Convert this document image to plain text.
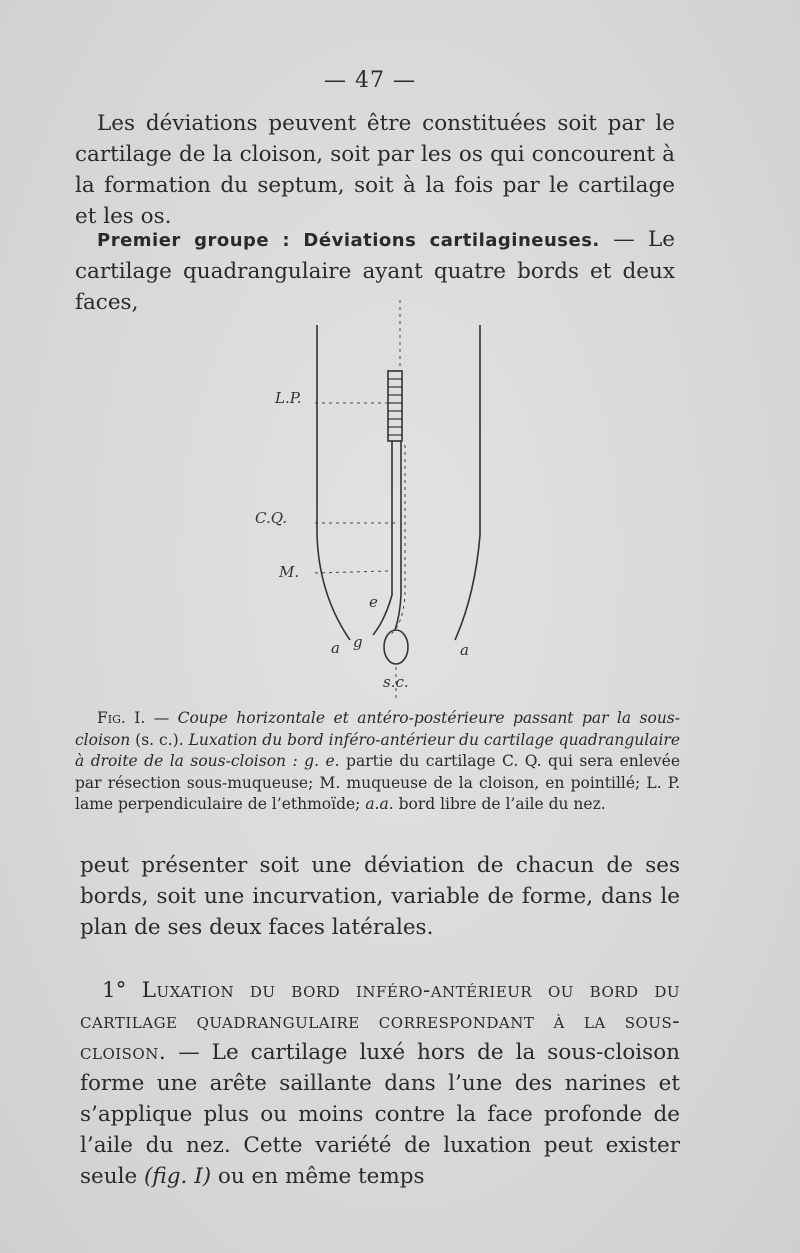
— 47 —
Les déviations peuvent être constituées soit par le cartilage de la cloison, soit par les os qui concourent à la formation du septum, soit à la fois par le cartilage et les os.
Premier groupe : Déviations cartilagineuses. — Le cartilage quadrangulaire ayant quatre bords et deux faces,
L.P.
C.Q.
M.
e
g
a	a
s.c.
Fig. I. — Coupe horizontale et antéro-postérieure passant par la sous-cloison (s. c.). Luxation du bord inféro-antérieur du cartilage quadrangulaire à droite de la sous-cloison : g. e. partie du cartilage C. Q. qui sera enlevée par résection sous-muqueuse; M. muqueuse de la cloison, en pointillé; L. P. lame perpendiculaire de l’ethmoïde; a.a. bord libre de l’aile du nez.
peut présenter soit une déviation de chacun de ses bords, soit une incurvation, variable de forme, dans le plan de ses deux faces latérales.
1° Luxation du bord inféro-antérieur ou bord du cartilage quadrangulaire correspondant à la sous-cloison. — Le cartilage luxé hors de la sous-cloison forme une arête saillante dans l’une des narines et s’applique plus ou moins contre la face profonde de l’aile du nez. Cette variété de luxation peut exister seule (fig. I) ou en même temps
